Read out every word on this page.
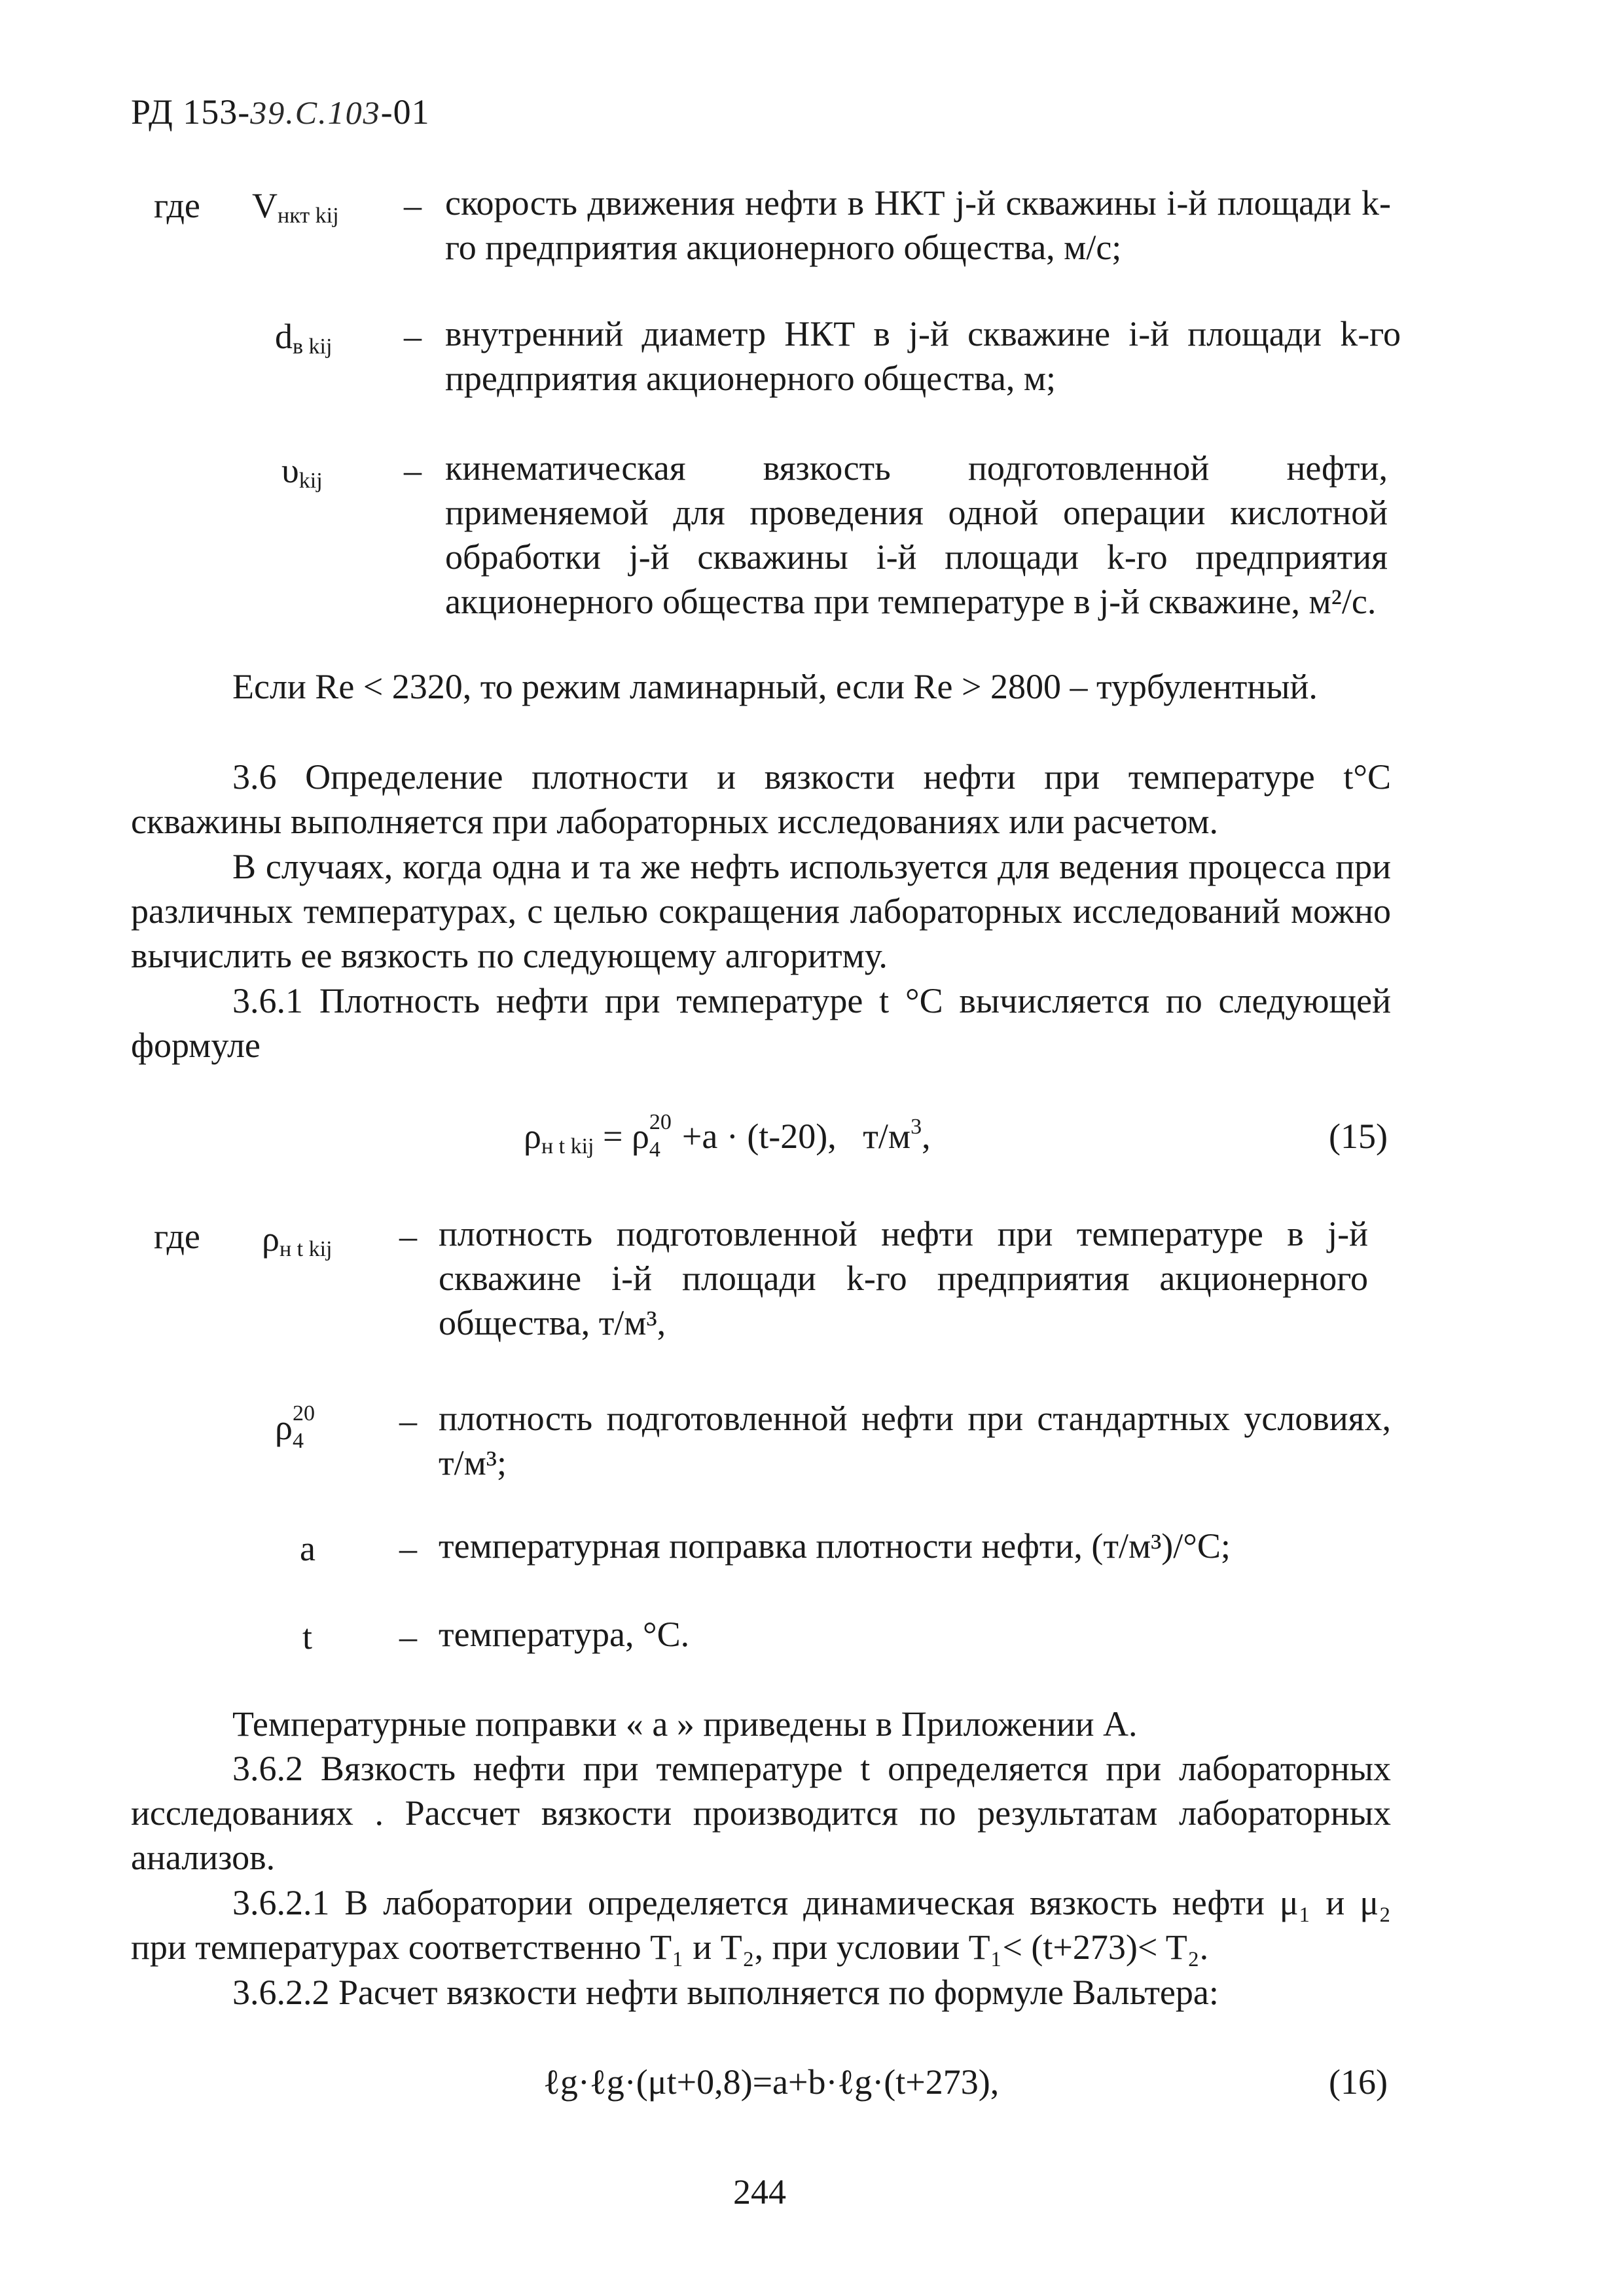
РД 153-39.С.103-01
где $V_{нкт kij}$ – скорость движения нефти в НКТ j-й скважины i-й площади k-го предприятия акционерного общества, м/с;
$d_{в kij}$ – внутренний диаметр НКТ в j-й скважине i-й площади k-го предприятия акционерного общества, м;
$\upsilon_{kij}$ – кинематическая вязкость подготовленной нефти, применяемой для проведения одной операции кислотной обработки j-й скважины i-й площади k-го предприятия акционерного общества при температуре в j-й скважине, м²/с.
Если Re < 2320, то режим ламинарный, если Re > 2800 – турбулентный.
3.6 Определение плотности и вязкости нефти при температуре t°С скважины выполняется при лабораторных исследованиях или расчетом.
В случаях, когда одна и та же нефть используется для ведения процесса при различных температурах, с целью сокращения лабораторных исследований можно вычислить ее вязкость по следующему алгоритму.
3.6.1 Плотность нефти при температуре t °С вычисляется по следующей формуле
$\rho_{н t kij} = \rho$ 20
4 +a · (t-20), $т/м^3$,	(15)
где $\rho_{н t kij}$ – плотность подготовленной нефти при температуре в j-й скважине i-й площади k-го предприятия акционерного общества, т/м³,
ρ 20
4
– плотность подготовленной нефти при стандартных условиях, т/м³;
a – температурная поправка плотности нефти, (т/м³)/°С;
t – температура, °С.
Температурные поправки « а » приведены в Приложении А.
3.6.2 Вязкость нефти при температуре t определяется при лабораторных исследованиях . Рассчет вязкости производится по результатам лабораторных анализов.
3.6.2.1 В лаборатории определяется динамическая вязкость нефти μ₁ и μ₂ при температурах соответственно T₁ и T₂, при условии T₁< (t+273)< T₂.
3.6.2.2 Расчет вязкости нефти выполняется по формуле Вальтера:
ℓg·ℓg·(μt+0,8)=a+b·ℓg·(t+273),	(16)
244
